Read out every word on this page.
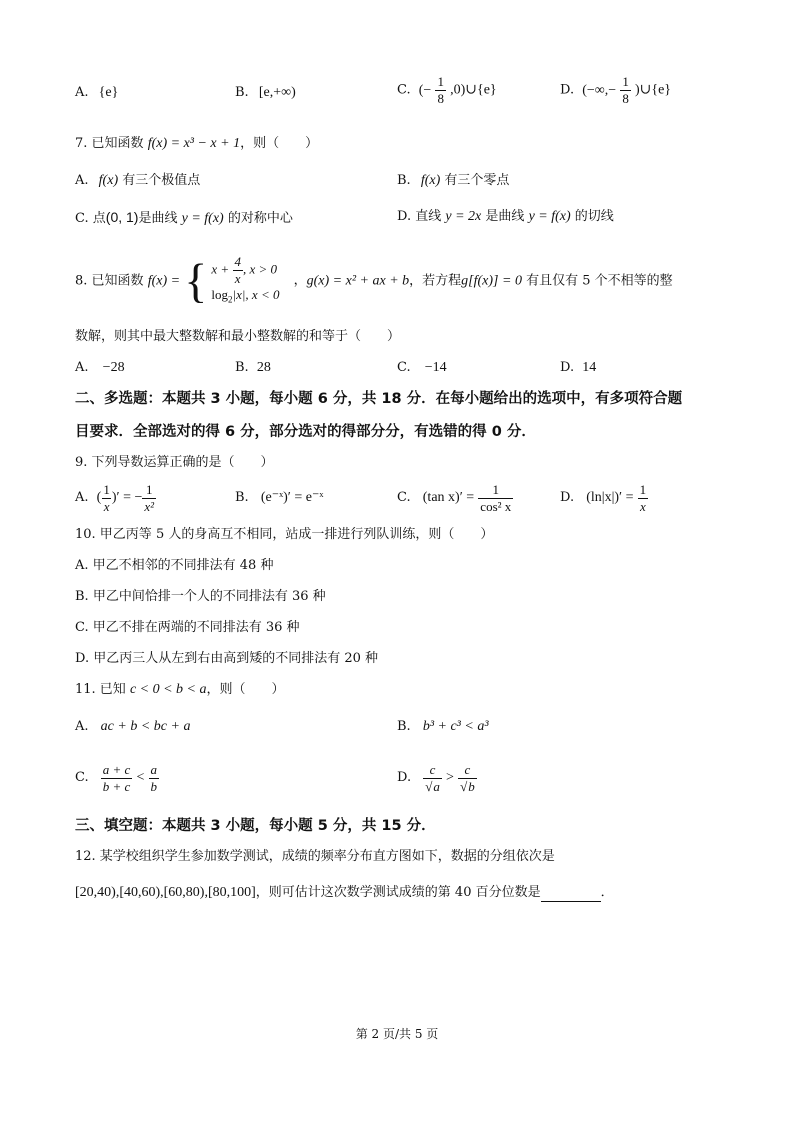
A. {e}	B. [e,+∞)	C. (− $\frac{1}{8}$ ,0)∪{e}	D. (−∞,− $\frac{1}{8}$ )∪{e}
7. 已知函数 f(x) = x³ − x + 1，则（　　）
A. f(x) 有三个极值点	B. f(x) 有三个零点
C. 点(0, 1)是曲线 y = f(x) 的对称中心	D. 直线 y = 2x 是曲线 y = f(x) 的切线
8. 已知函数 f(x) = { $x + \frac{4}{x}$ , x > 0
$\log_2|x|$, x < 0
，g(x) = x² + ax + b，若方程g[f(x)] = 0 有且仅有 5 个不相等的整
数解，则其中最大整数解和最小整数解的和等于（　　）
A. −28	B. 28	C. −14	D. 14
二、多选题：本题共 3 小题，每小题 6 分，共 18 分．在每小题给出的选项中，有多项符合题
目要求．全部选对的得 6 分，部分选对的得部分分，有选错的得 0 分．
9. 下列导数运算正确的是（　　）
A. ( $\frac{1}{x}$ )′ = − $\frac{1}{\text{x²}}$	B. (e⁻ˣ)′ = e⁻ˣ	C. (tan $x)' = \frac{1}{\text{cos² x}}$	D. $(\ln|x|)' = \frac{1}{x}$
10. 甲乙丙等 5 人的身高互不相同，站成一排进行列队训练，则（　　）
A. 甲乙不相邻的不同排法有 48 种
B. 甲乙中间恰排一个人的不同排法有 36 种
C. 甲乙不排在两端的不同排法有 36 种
D. 甲乙丙三人从左到右由高到矮的不同排法有 20 种
11. 已知 c < 0 < b < a，则（　　）
A. ac + b < bc + a	B. b³ + c³ < a³
C. $\frac{a + c}{b + c} < \frac{a}{b}$	D. $\frac{c}{√a} > \frac{c}{√b}$
三、填空题：本题共 3 小题，每小题 5 分，共 15 分．
12. 某学校组织学生参加数学测试，成绩的频率分布直方图如下，数据的分组依次是
[20,40),[40,60),[60,80),[80,100]，则可估计这次数学测试成绩的第 40 百分位数是	．
第 2 页/共 5 页
